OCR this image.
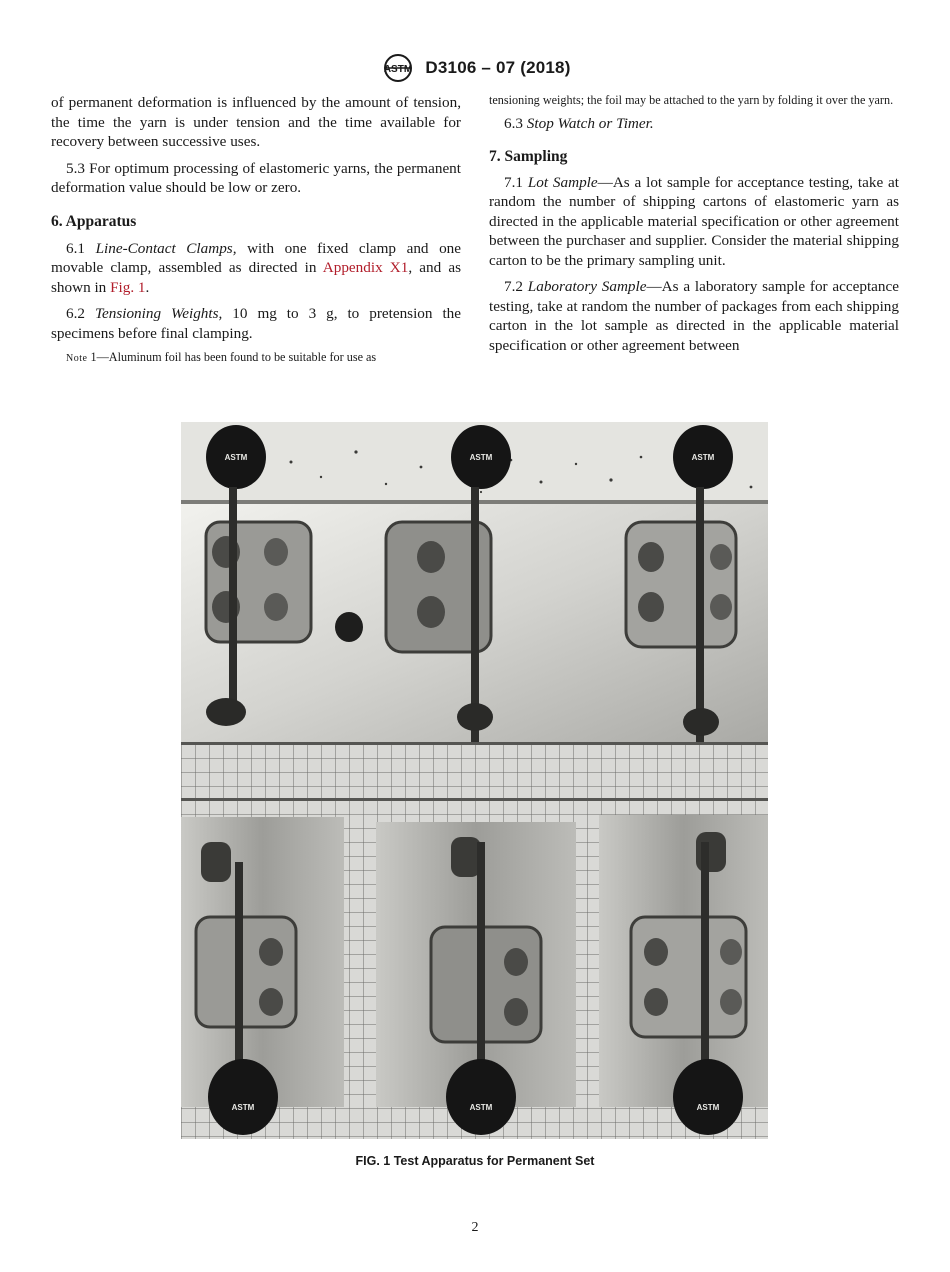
ASTM D3106 – 07 (2018)

of permanent deformation is influenced by the amount of tension, the time the yarn is under tension and the time available for recovery between successive uses.

5.3 For optimum processing of elastomeric yarns, the permanent deformation value should be low or zero.

6. Apparatus

6.1 Line-Contact Clamps, with one fixed clamp and one movable clamp, assembled as directed in Appendix X1, and as shown in Fig. 1.

6.2 Tensioning Weights, 10 mg to 3 g, to pretension the specimens before final clamping.

Note 1—Aluminum foil has been found to be suitable for use as

tensioning weights; the foil may be attached to the yarn by folding it over the yarn.

6.3 Stop Watch or Timer.

7. Sampling

7.1 Lot Sample—As a lot sample for acceptance testing, take at random the number of shipping cartons of elastomeric yarn as directed in the applicable material specification or other agreement between the purchaser and supplier. Consider the material shipping carton to be the primary sampling unit.

7.2 Laboratory Sample—As a laboratory sample for acceptance testing, take at random the number of packages from each shipping carton in the lot sample as directed in the applicable material specification or other agreement between

ASTM	ASTM	ASTM
ASTM	ASTM	ASTM
FIG. 1 Test Apparatus for Permanent Set
2
